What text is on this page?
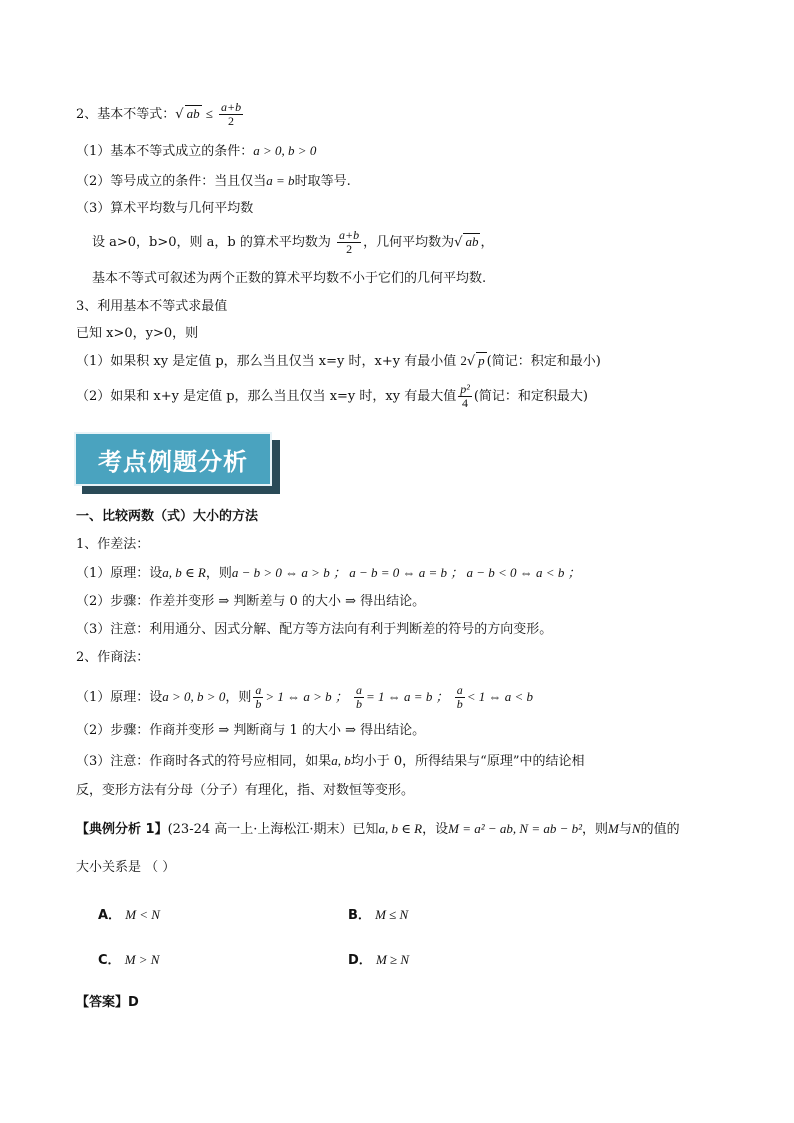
2、基本不等式：√ ab ≤ $\frac{a+b}{2}$
（1）基本不等式成立的条件：a > 0, b > 0
（2）等号成立的条件：当且仅当a = b时取等号.
（3）算术平均数与几何平均数
设 a>0，b>0，则 a，b 的算术平均数为 $\frac{a+b}{2}$ ，几何平均数为√ ab ，
基本不等式可叙述为两个正数的算术平均数不小于它们的几何平均数.
3、利用基本不等式求最值
已知 x>0，y>0，则
（1）如果积 xy 是定值 p，那么当且仅当 x=y 时，x+y 有最小值 2√ p (简记：积定和最小)
（2）如果和 x+y 是定值 p，那么当且仅当 x=y 时，xy 有最大值 $\frac{\text{p²}}{4}$ (简记：和定积最大)
考点例题分析
一、比较两数（式）大小的方法
1、作差法：
（1）原理：设a, b ∈ R，则a − b > 0 ⇔ a > b ； a − b = 0 ⇔ a = b ； a − b < 0 ⇔ a < b ；
（2）步骤：作差并变形 ⇒ 判断差与 0 的大小 ⇒ 得出结论。
（3）注意：利用通分、因式分解、配方等方法向有利于判断差的符号的方向变形。
2、作商法：
（1）原理：设a > 0, b > 0，则 $\frac{a}{b} > 1$ ⇔ a > b ； $\frac{a}{b} = 1$ ⇔ a = b ； $\frac{a}{b} < 1$ ⇔ a < b
（2）步骤：作商并变形 ⇒ 判断商与 1 的大小 ⇒ 得出结论。
（3）注意：作商时各式的符号应相同，如果a, b均小于 0，所得结果与“原理”中的结论相
反，变形方法有分母（分子）有理化，指、对数恒等变形。
【典例分析 1】(23-24 高一上·上海松江·期末）已知a, b ∈ R，设M = a² − ab, N = ab − b²，则M与N的值的
大小关系是 （ ）
A． M < N	B． M ≤ N
C． M > N	D． M ≥ N
【答案】D
